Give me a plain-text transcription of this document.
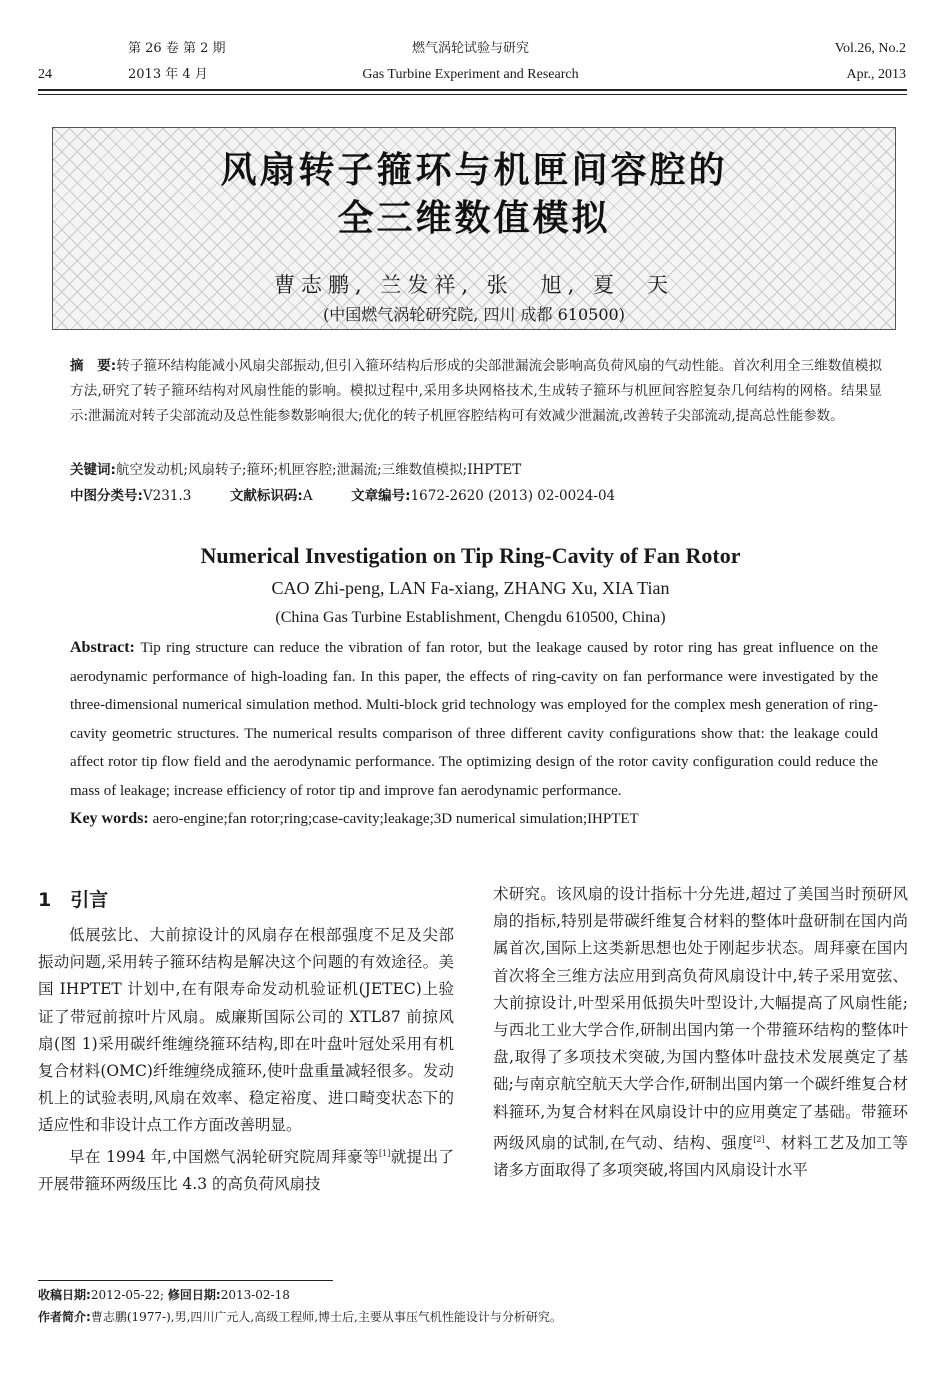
第 26 卷 第 2 期	燃气涡轮试验与研究	Vol.26, No.2
24	2013 年 4 月	Gas Turbine Experiment and Research	Apr., 2013
风扇转子箍环与机匣间容腔的
全三维数值模拟
曹志鹏, 兰发祥, 张　旭, 夏　天
(中国燃气涡轮研究院, 四川 成都 610500)
摘　要:转子箍环结构能减小风扇尖部振动,但引入箍环结构后形成的尖部泄漏流会影响高负荷风扇的气动性能。首次利用全三维数值模拟方法,研究了转子箍环结构对风扇性能的影响。模拟过程中,采用多块网格技术,生成转子箍环与机匣间容腔复杂几何结构的网格。结果显示:泄漏流对转子尖部流动及总性能参数影响很大;优化的转子机匣容腔结构可有效减少泄漏流,改善转子尖部流动,提高总性能参数。
关键词:航空发动机;风扇转子;箍环;机匣容腔;泄漏流;三维数值模拟;IHPTET
中图分类号:V231.3	文献标识码:A	文章编号:1672-2620 (2013) 02-0024-04
Numerical Investigation on Tip Ring-Cavity of Fan Rotor
CAO Zhi-peng, LAN Fa-xiang, ZHANG Xu, XIA Tian
(China Gas Turbine Establishment, Chengdu 610500, China)
Abstract: Tip ring structure can reduce the vibration of fan rotor, but the leakage caused by rotor ring has great influence on the aerodynamic performance of high-loading fan. In this paper, the effects of ring-cavity on fan performance were investigated by the three-dimensional numerical simulation method. Multi-block grid technology was employed for the complex mesh generation of ring-cavity geometric structures. The numerical results comparison of three different cavity configurations show that: the leakage could affect rotor tip flow field and the aerodynamic performance. The optimizing design of the rotor cavity configuration could reduce the mass of leakage; increase efficiency of rotor tip and improve fan aerodynamic performance.
Key words: aero-engine;fan rotor;ring;case-cavity;leakage;3D numerical simulation;IHPTET
1　引言

低展弦比、大前掠设计的风扇存在根部强度不足及尖部振动问题,采用转子箍环结构是解决这个问题的有效途径。美国 IHPTET 计划中,在有限寿命发动机验证机(JETEC)上验证了带冠前掠叶片风扇。威廉斯国际公司的 XTL87 前掠风扇(图 1)采用碳纤维缠绕箍环结构,即在叶盘叶冠处采用有机复合材料(OMC)纤维缠绕成箍环,使叶盘重量减轻很多。发动机上的试验表明,风扇在效率、稳定裕度、进口畸变状态下的适应性和非设计点工作方面改善明显。

早在 1994 年,中国燃气涡轮研究院周拜豪等[1]就提出了开展带箍环两级压比 4.3 的高负荷风扇技

术研究。该风扇的设计指标十分先进,超过了美国当时预研风扇的指标,特别是带碳纤维复合材料的整体叶盘研制在国内尚属首次,国际上这类新思想也处于刚起步状态。周拜豪在国内首次将全三维方法应用到高负荷风扇设计中,转子采用宽弦、大前掠设计,叶型采用低损失叶型设计,大幅提高了风扇性能;与西北工业大学合作,研制出国内第一个带箍环结构的整体叶盘,取得了多项技术突破,为国内整体叶盘技术发展奠定了基础;与南京航空航天大学合作,研制出国内第一个碳纤维复合材料箍环,为复合材料在风扇设计中的应用奠定了基础。带箍环两级风扇的试制,在气动、结构、强度[2]、材料工艺及加工等诸多方面取得了多项突破,将国内风扇设计水平

收稿日期:2012-05-22; 修回日期:2013-02-18
作者简介:曹志鹏(1977-),男,四川广元人,高级工程师,博士后,主要从事压气机性能设计与分析研究。
